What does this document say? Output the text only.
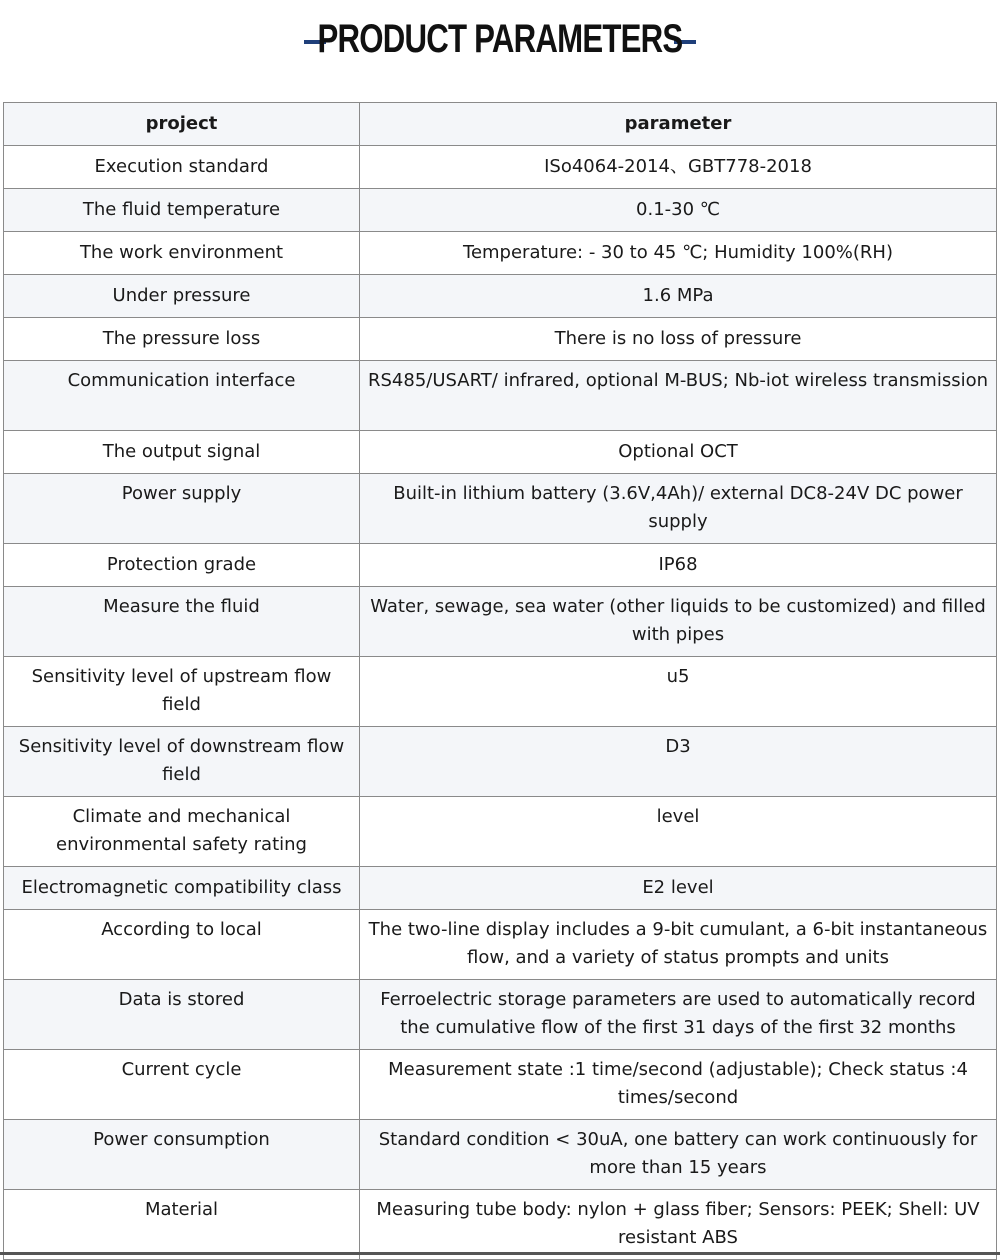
PRODUCT PARAMETERS
project	parameter
Execution standard	ISo4064-2014、GBT778-2018
The fluid temperature	0.1-30 ℃
The work environment	Temperature: - 30 to 45 ℃; Humidity 100%(RH)
Under pressure	1.6 MPa
The pressure loss	There is no loss of pressure
Communication interface	RS485/USART/ infrared, optional M-BUS; Nb-iot wireless transmission
The output signal	Optional OCT
Power supply	Built-in lithium battery (3.6V,4Ah)/ external DC8-24V DC power supply
Protection grade	IP68
Measure the fluid	Water, sewage, sea water (other liquids to be customized) and filled with pipes
Sensitivity level of upstream flow field	u5
Sensitivity level of downstream flow field	D3
Climate and mechanical environmental safety rating	level
Electromagnetic compatibility class	E2 level
According to local	The two-line display includes a 9-bit cumulant, a 6-bit instantaneous flow, and a variety of status prompts and units
Data is stored	Ferroelectric storage parameters are used to automatically record the cumulative flow of the first 31 days of the first 32 months
Current cycle	Measurement state :1 time/second (adjustable); Check status :4 times/second
Power consumption	Standard condition < 30uA, one battery can work continuously for more than 15 years
Material	Measuring tube body: nylon + glass fiber; Sensors: PEEK; Shell: UV resistant ABS
